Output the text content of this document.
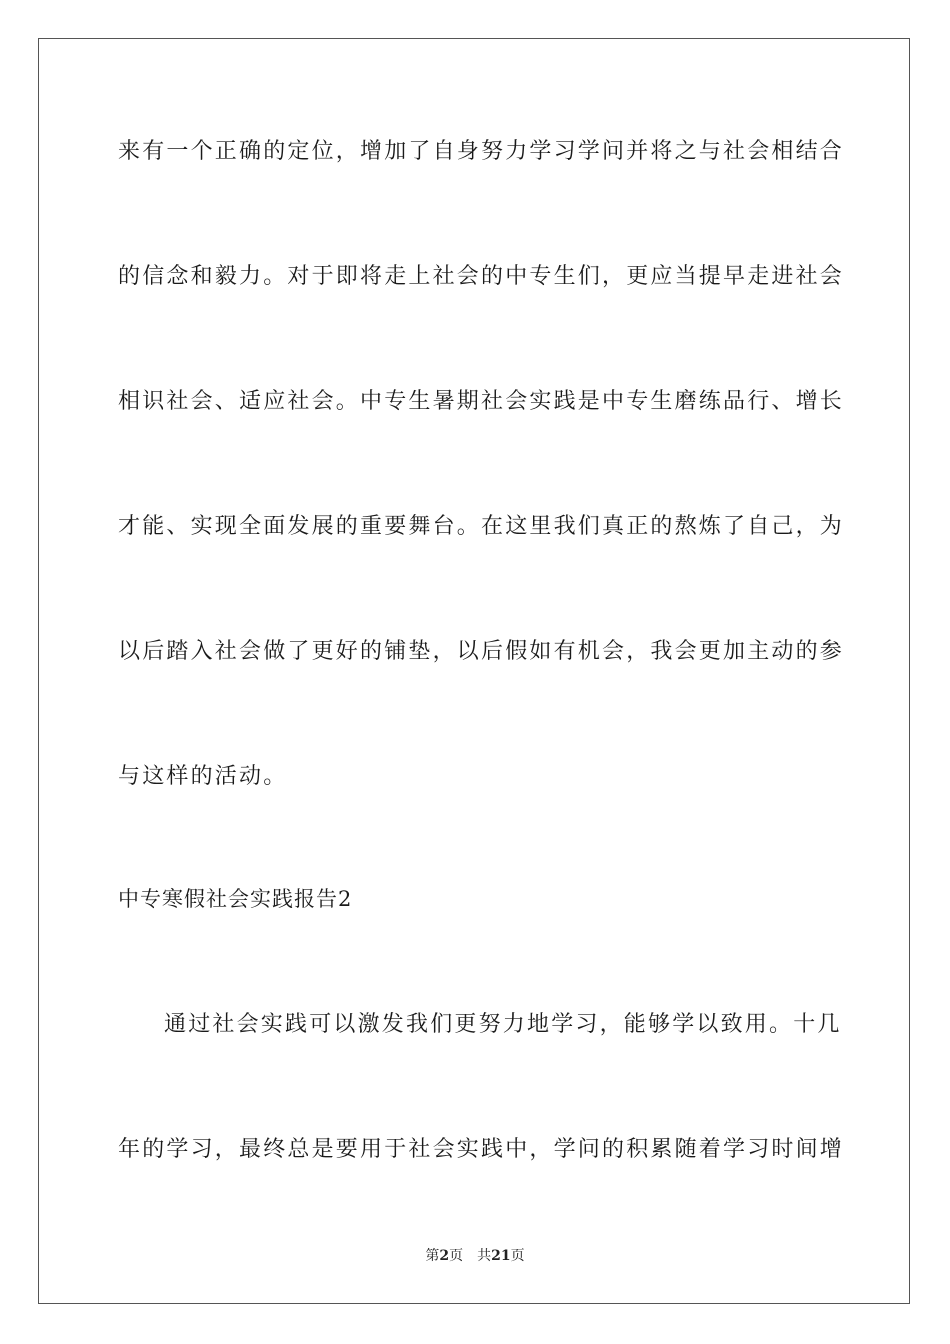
来有一个正确的定位，增加了自身努力学习学问并将之与社会相结合

的信念和毅力。对于即将走上社会的中专生们，更应当提早走进社会

相识社会、适应社会。中专生暑期社会实践是中专生磨练品行、增长

才能、实现全面发展的重要舞台。在这里我们真正的熬炼了自己，为

以后踏入社会做了更好的铺垫，以后假如有机会，我会更加主动的参

与这样的活动。

中专寒假社会实践报告2

通过社会实践可以激发我们更努力地学习，能够学以致用。十几

年的学习，最终总是要用于社会实践中，学问的积累随着学习时间增

第2页 共21页
